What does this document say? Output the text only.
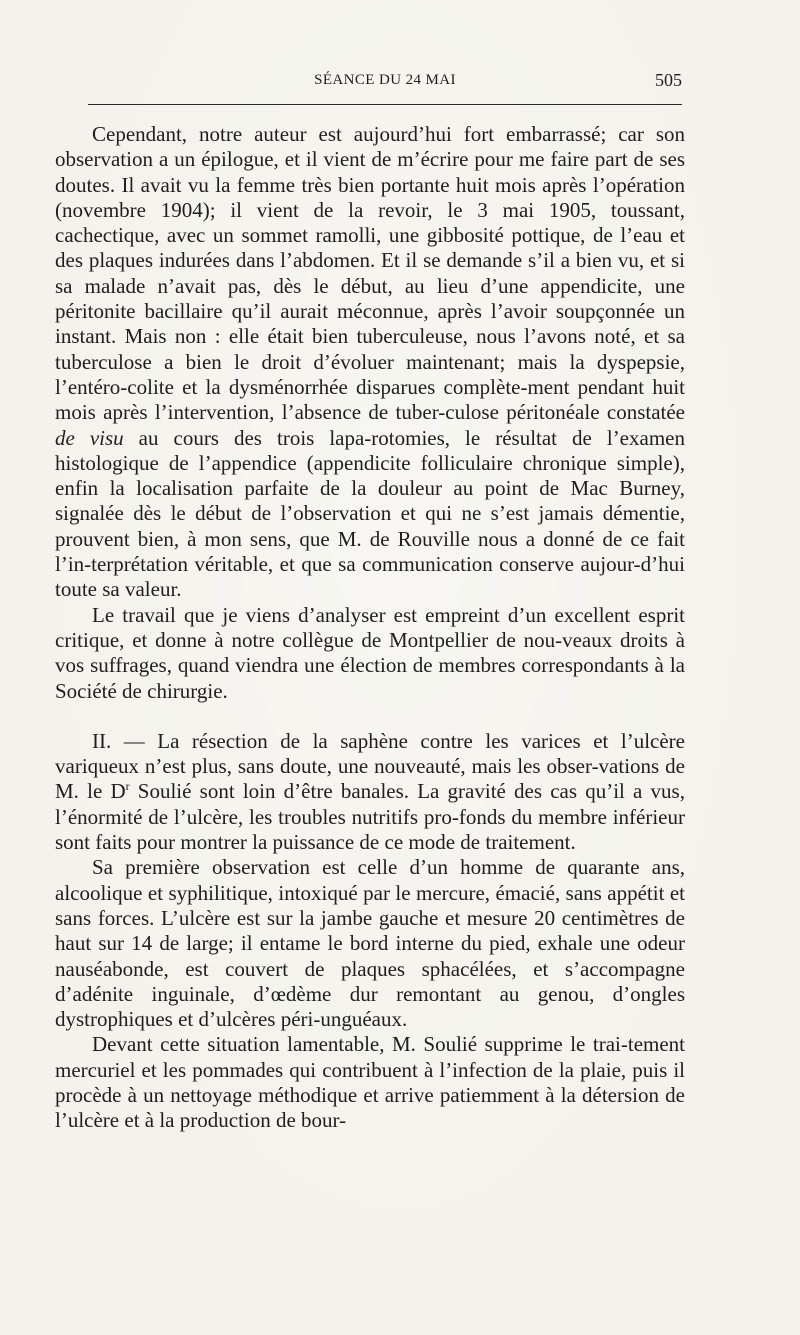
SÉANCE DU 24 MAI	505

Cependant, notre auteur est aujourd’hui fort embarrassé; car son observation a un épilogue, et il vient de m’écrire pour me faire part de ses doutes. Il avait vu la femme très bien portante huit mois après l’opération (novembre 1904); il vient de la revoir, le 3 mai 1905, toussant, cachectique, avec un sommet ramolli, une gibbosité pottique, de l’eau et des plaques indurées dans l’abdomen. Et il se demande s’il a bien vu, et si sa malade n’avait pas, dès le début, au lieu d’une appendicite, une péritonite bacillaire qu’il aurait méconnue, après l’avoir soupçonnée un instant. Mais non : elle était bien tuberculeuse, nous l’avons noté, et sa tuberculose a bien le droit d’évoluer maintenant; mais la dyspepsie, l’entéro-colite et la dysménorrhée disparues complète-ment pendant huit mois après l’intervention, l’absence de tuber-culose péritonéale constatée de visu au cours des trois lapa-rotomies, le résultat de l’examen histologique de l’appendice (appendicite folliculaire chronique simple), enfin la localisation parfaite de la douleur au point de Mac Burney, signalée dès le début de l’observation et qui ne s’est jamais démentie, prouvent bien, à mon sens, que M. de Rouville nous a donné de ce fait l’in-terprétation véritable, et que sa communication conserve aujour-d’hui toute sa valeur.

Le travail que je viens d’analyser est empreint d’un excellent esprit critique, et donne à notre collègue de Montpellier de nou-veaux droits à vos suffrages, quand viendra une élection de membres correspondants à la Société de chirurgie.

II. — La résection de la saphène contre les varices et l’ulcère variqueux n’est plus, sans doute, une nouveauté, mais les obser-vations de M. le $D^r$ Soulié sont loin d’être banales. La gravité des cas qu’il a vus, l’énormité de l’ulcère, les troubles nutritifs pro-fonds du membre inférieur sont faits pour montrer la puissance de ce mode de traitement.

Sa première observation est celle d’un homme de quarante ans, alcoolique et syphilitique, intoxiqué par le mercure, émacié, sans appétit et sans forces. L’ulcère est sur la jambe gauche et mesure 20 centimètres de haut sur 14 de large; il entame le bord interne du pied, exhale une odeur nauséabonde, est couvert de plaques sphacélées, et s’accompagne d’adénite inguinale, d’œdème dur remontant au genou, d’ongles dystrophiques et d’ulcères péri-unguéaux.

Devant cette situation lamentable, M. Soulié supprime le trai-tement mercuriel et les pommades qui contribuent à l’infection de la plaie, puis il procède à un nettoyage méthodique et arrive patiemment à la détersion de l’ulcère et à la production de bour-
